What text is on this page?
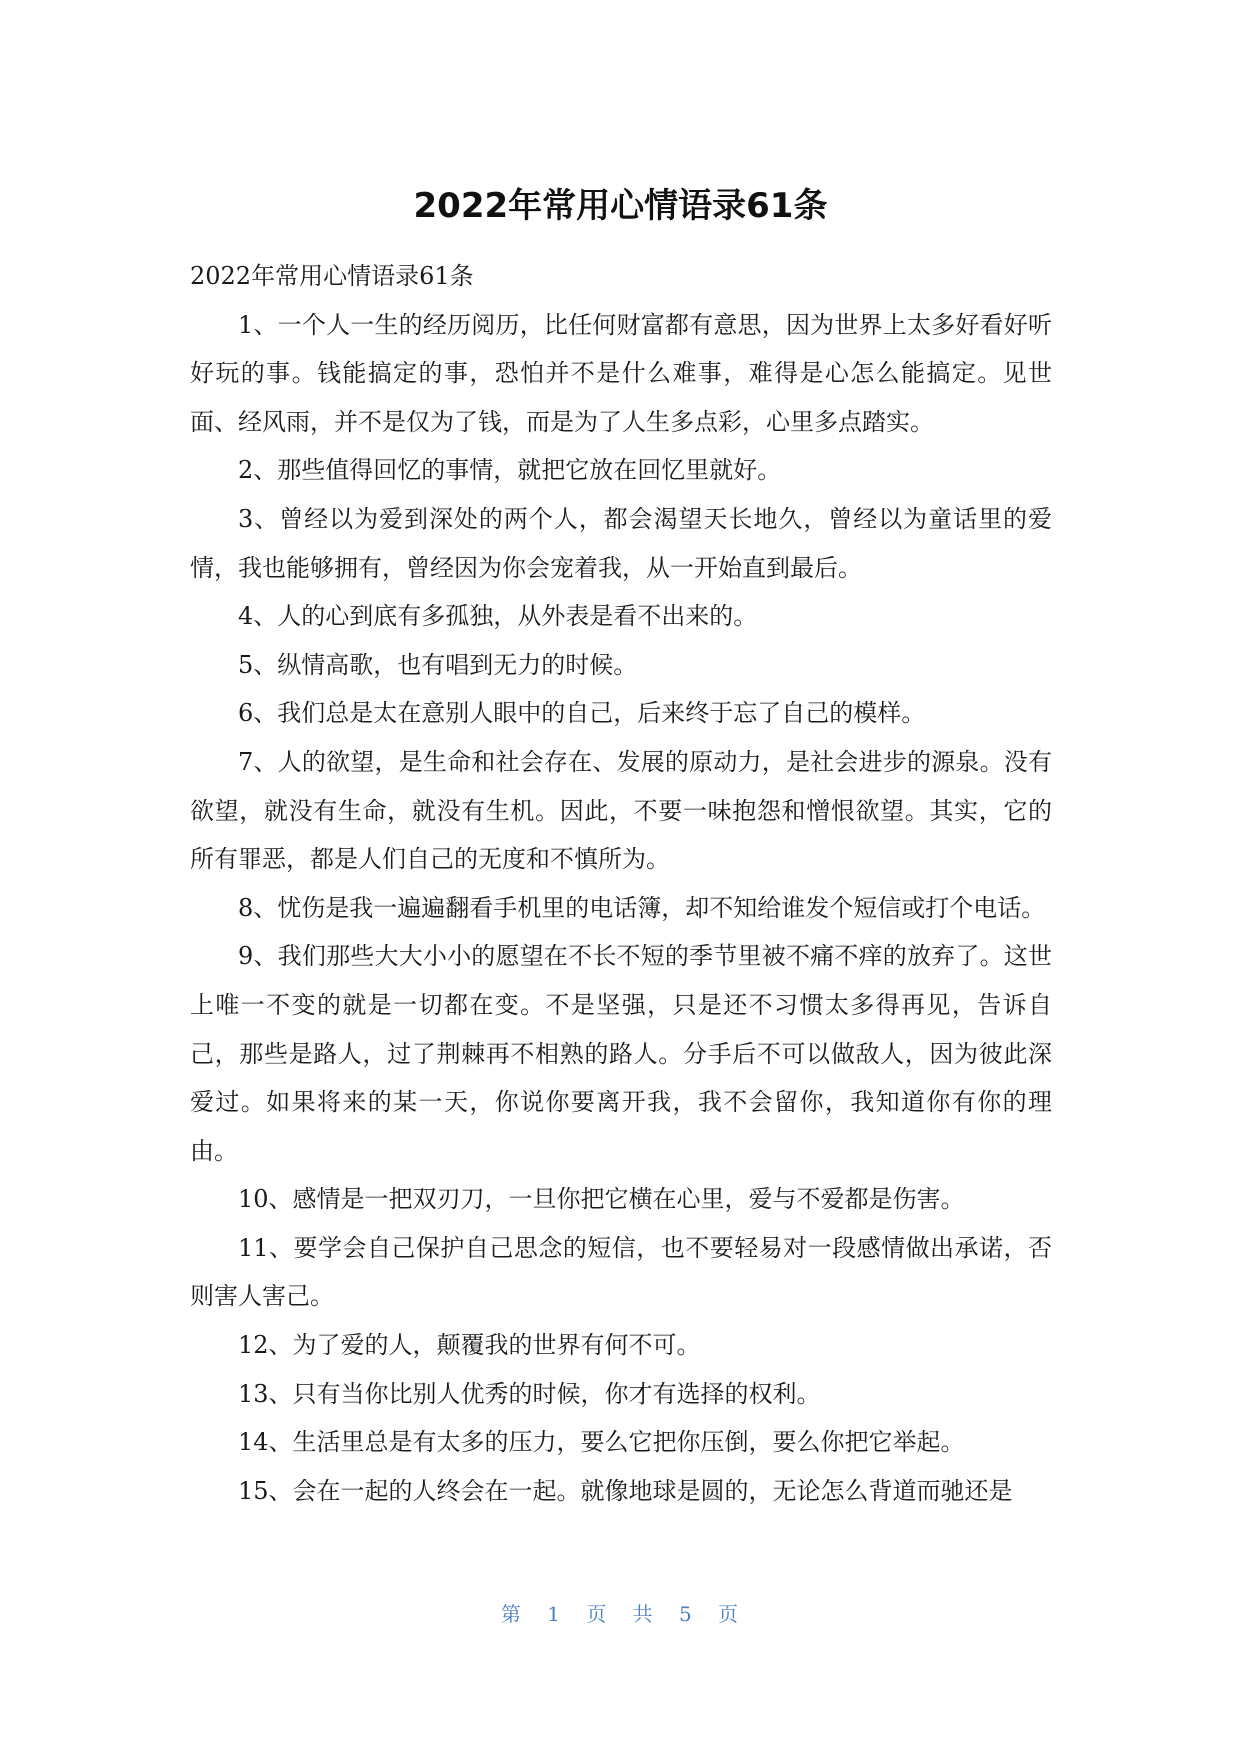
2022年常用心情语录61条

2022年常用心情语录61条

1、一个人一生的经历阅历，比任何财富都有意思，因为世界上太多好看好听好玩的事。钱能搞定的事，恐怕并不是什么难事，难得是心怎么能搞定。见世面、经风雨，并不是仅为了钱，而是为了人生多点彩，心里多点踏实。

2、那些值得回忆的事情，就把它放在回忆里就好。

3、曾经以为爱到深处的两个人，都会渴望天长地久，曾经以为童话里的爱情，我也能够拥有，曾经因为你会宠着我，从一开始直到最后。

4、人的心到底有多孤独，从外表是看不出来的。

5、纵情高歌，也有唱到无力的时候。

6、我们总是太在意别人眼中的自己，后来终于忘了自己的模样。

7、人的欲望，是生命和社会存在、发展的原动力，是社会进步的源泉。没有欲望，就没有生命，就没有生机。因此，不要一味抱怨和憎恨欲望。其实，它的所有罪恶，都是人们自己的无度和不慎所为。

8、忧伤是我一遍遍翻看手机里的电话簿，却不知给谁发个短信或打个电话。

9、我们那些大大小小的愿望在不长不短的季节里被不痛不痒的放弃了。这世上唯一不变的就是一切都在变。不是坚强，只是还不习惯太多得再见，告诉自己，那些是路人，过了荆棘再不相熟的路人。分手后不可以做敌人，因为彼此深爱过。如果将来的某一天，你说你要离开我，我不会留你，我知道你有你的理由。

10、感情是一把双刃刀，一旦你把它横在心里，爱与不爱都是伤害。

11、要学会自己保护自己思念的短信，也不要轻易对一段感情做出承诺，否则害人害己。

12、为了爱的人，颠覆我的世界有何不可。

13、只有当你比别人优秀的时候，你才有选择的权利。

14、生活里总是有太多的压力，要么它把你压倒，要么你把它举起。

15、会在一起的人终会在一起。就像地球是圆的，无论怎么背道而驰还是

第 1 页 共 5 页
